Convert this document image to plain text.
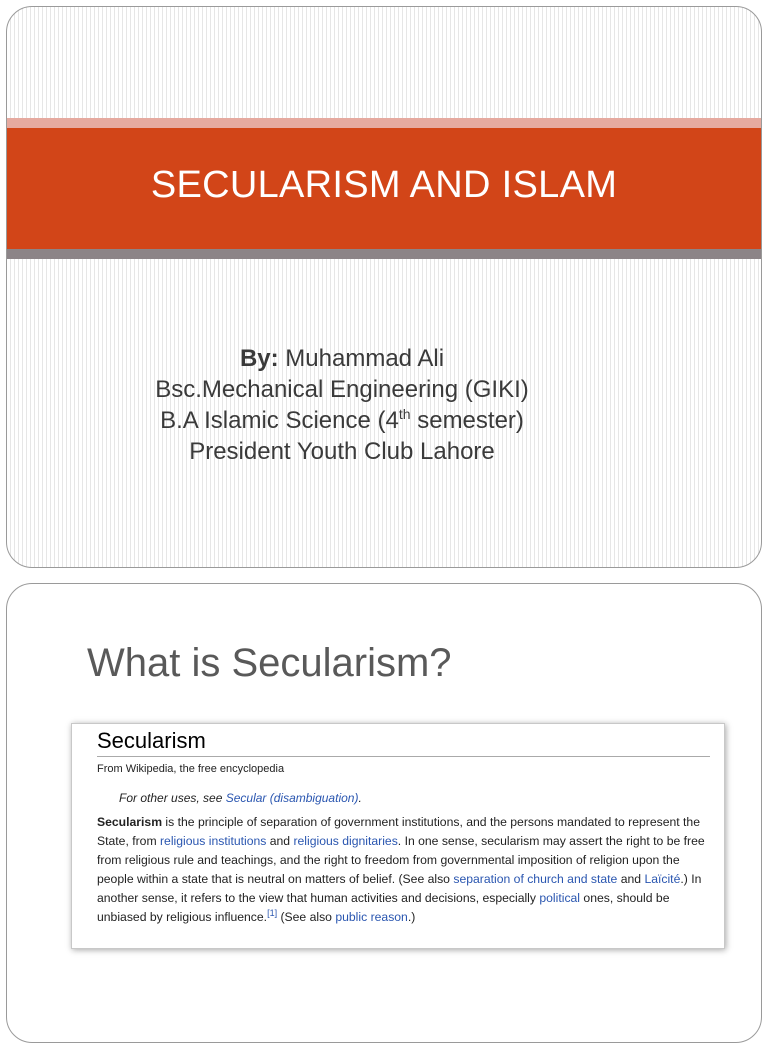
SECULARISM AND ISLAM
By: Muhammad Ali
Bsc.Mechanical Engineering (GIKI)
B.A Islamic Science (4th semester)
President Youth Club Lahore
What is Secularism?
Secularism
From Wikipedia, the free encyclopedia
For other uses, see Secular (disambiguation).
Secularism is the principle of separation of government institutions, and the persons mandated to represent the State, from religious institutions and religious dignitaries. In one sense, secularism may assert the right to be free from religious rule and teachings, and the right to freedom from governmental imposition of religion upon the people within a state that is neutral on matters of belief. (See also separation of church and state and Laïcité.) In another sense, it refers to the view that human activities and decisions, especially political ones, should be unbiased by religious influence.[1] (See also public reason.)
